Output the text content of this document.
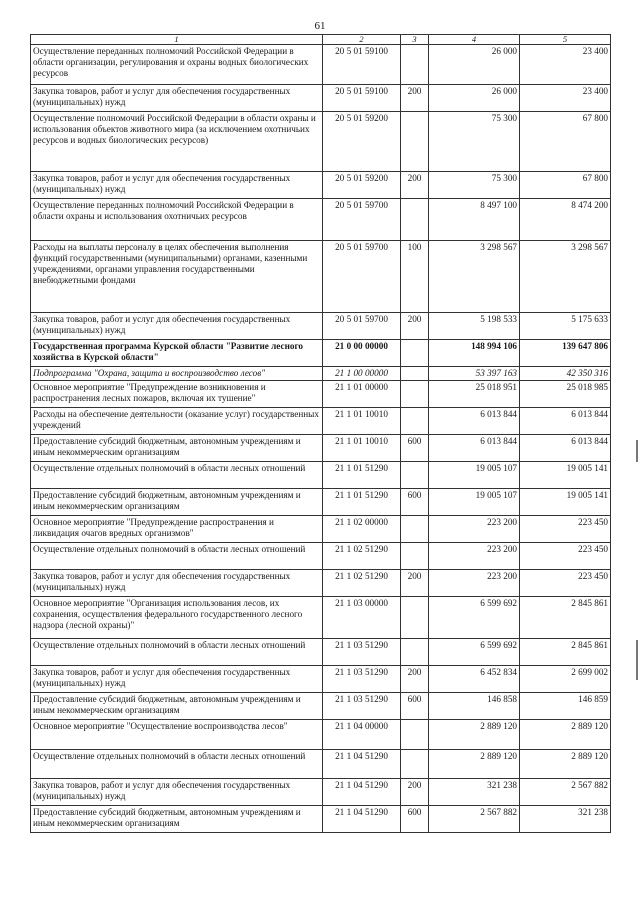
61
1	2	3	4	5
Осуществление переданных полномочий Российской Федерации в области организации, регулирования и охраны водных биологических ресурсов	20 5 01 59100		26 000	23 400
Закупка товаров, работ и услуг для обеспечения государственных (муниципальных) нужд	20 5 01 59100	200	26 000	23 400
Осуществление полномочий Российской Федерации в области охраны и использования объектов животного мира (за исключением охотничьих ресурсов и водных биологических ресурсов)	20 5 01 59200		75 300	67 800
Закупка товаров, работ и услуг для обеспечения государственных (муниципальных) нужд	20 5 01 59200	200	75 300	67 800
Осуществление переданных полномочий Российской Федерации в области охраны и использования охотничьих ресурсов	20 5 01 59700		8 497 100	8 474 200
Расходы на выплаты персоналу в целях обеспечения выполнения функций государственными (муниципальными) органами, казенными учреждениями, органами управления государственными внебюджетными фондами	20 5 01 59700	100	3 298 567	3 298 567
Закупка товаров, работ и услуг для обеспечения государственных (муниципальных) нужд	20 5 01 59700	200	5 198 533	5 175 633
Государственная программа Курской области "Развитие лесного хозяйства в Курской области"	21 0 00 00000		148 994 106	139 647 806
Подпрограмма "Охрана, защита и воспроизводство лесов"	21 1 00 00000		53 397 163	42 350 316
Основное мероприятие "Предупреждение возникновения и распространения лесных пожаров, включая их тушение"	21 1 01 00000		25 018 951	25 018 985
Расходы на обеспечение деятельности (оказание услуг) государственных учреждений	21 1 01 10010		6 013 844	6 013 844
Предоставление субсидий бюджетным, автономным учреждениям и иным некоммерческим организациям	21 1 01 10010	600	6 013 844	6 013 844
Осуществление отдельных полномочий в области лесных отношений	21 1 01 51290		19 005 107	19 005 141
Предоставление субсидий бюджетным, автономным учреждениям и иным некоммерческим организациям	21 1 01 51290	600	19 005 107	19 005 141
Основное мероприятие "Предупреждение распространения и ликвидация очагов вредных организмов"	21 1 02 00000		223 200	223 450
Осуществление отдельных полномочий в области лесных отношений	21 1 02 51290		223 200	223 450
Закупка товаров, работ и услуг для обеспечения государственных (муниципальных) нужд	21 1 02 51290	200	223 200	223 450
Основное мероприятие "Организация использования лесов, их сохранения, осуществления федерального государственного лесного надзора (лесной охраны)"	21 1 03 00000		6 599 692	2 845 861
Осуществление отдельных полномочий в области лесных отношений	21 1 03 51290		6 599 692	2 845 861
Закупка товаров, работ и услуг для обеспечения государственных (муниципальных) нужд	21 1 03 51290	200	6 452 834	2 699 002
Предоставление субсидий бюджетным, автономным учреждениям и иным некоммерческим организациям	21 1 03 51290	600	146 858	146 859
Основное мероприятие "Осуществление воспроизводства лесов"	21 1 04 00000		2 889 120	2 889 120
Осуществление отдельных полномочий в области лесных отношений	21 1 04 51290		2 889 120	2 889 120
Закупка товаров, работ и услуг для обеспечения государственных (муниципальных) нужд	21 1 04 51290	200	321 238	2 567 882
Предоставление субсидий бюджетным, автономным учреждениям и иным некоммерческим организациям	21 1 04 51290	600	2 567 882	321 238
